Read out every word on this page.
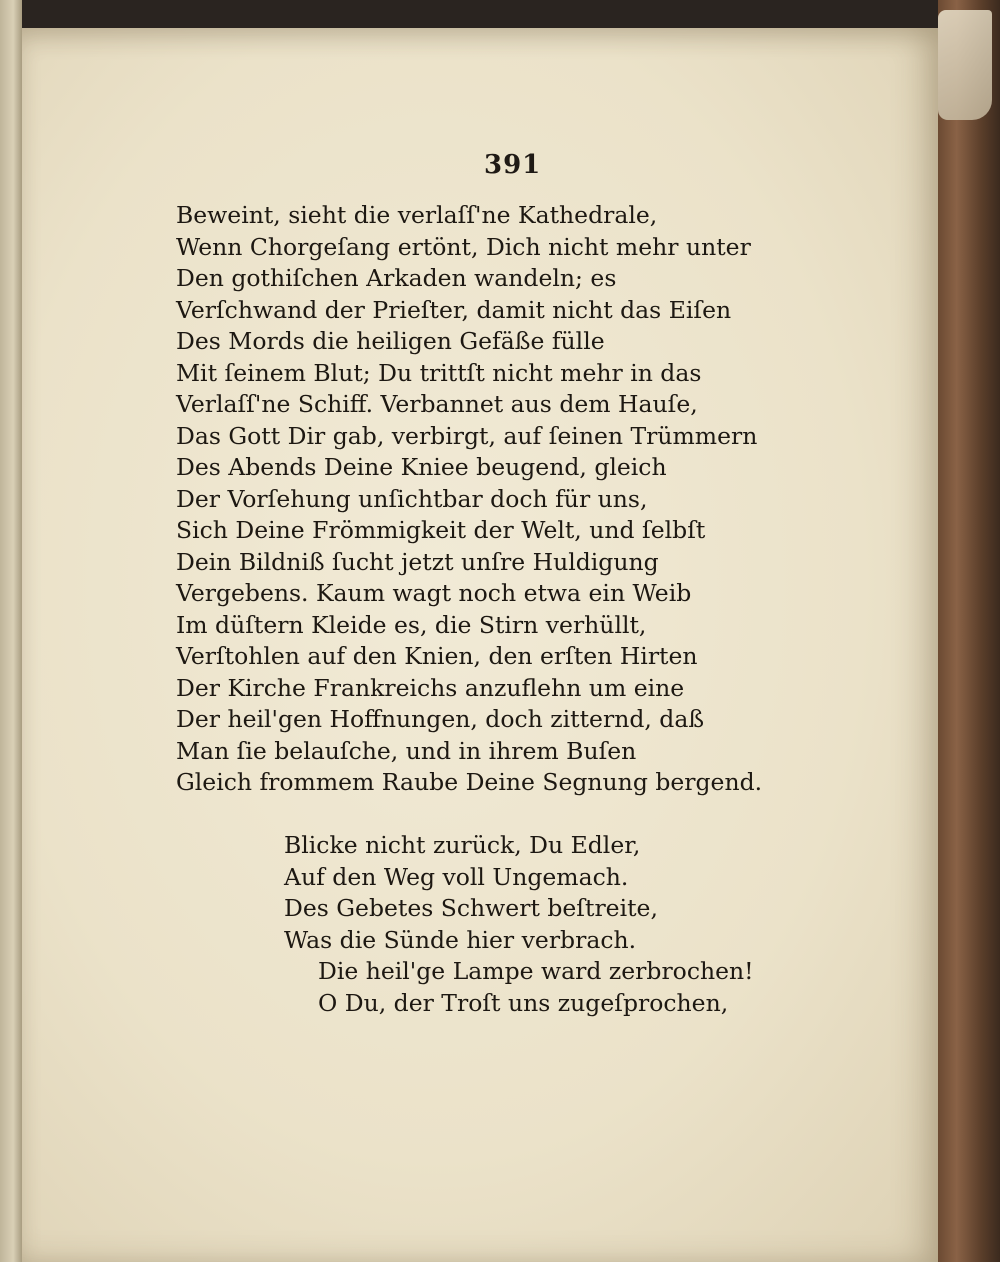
391
Beweint, sieht die verlaſſ'ne Kathedrale,
Wenn Chorgeſang ertönt, Dich nicht mehr unter
Den gothiſchen Arkaden wandeln; es
Verſchwand der Prieſter, damit nicht das Eiſen
Des Mords die heiligen Gefäße fülle
Mit ſeinem Blut; Du trittſt nicht mehr in das
Verlaſſ'ne Schiff. Verbannet aus dem Hauſe,
Das Gott Dir gab, verbirgt, auf ſeinen Trümmern
Des Abends Deine Kniee beugend, gleich
Der Vorſehung unſichtbar doch für uns,
Sich Deine Frömmigkeit der Welt, und ſelbſt
Dein Bildniß ſucht jetzt unſre Huldigung
Vergebens. Kaum wagt noch etwa ein Weib
Im düſtern Kleide es, die Stirn verhüllt,
Verſtohlen auf den Knien, den erſten Hirten
Der Kirche Frankreichs anzuflehn um eine
Der heil'gen Hoffnungen, doch zitternd, daß
Man ſie belauſche, und in ihrem Buſen
Gleich frommem Raube Deine Segnung bergend.
Blicke nicht zurück, Du Edler,
Auf den Weg voll Ungemach.
Des Gebetes Schwert beſtreite,
Was die Sünde hier verbrach.
Die heil'ge Lampe ward zerbrochen!
O Du, der Troſt uns zugeſprochen,
